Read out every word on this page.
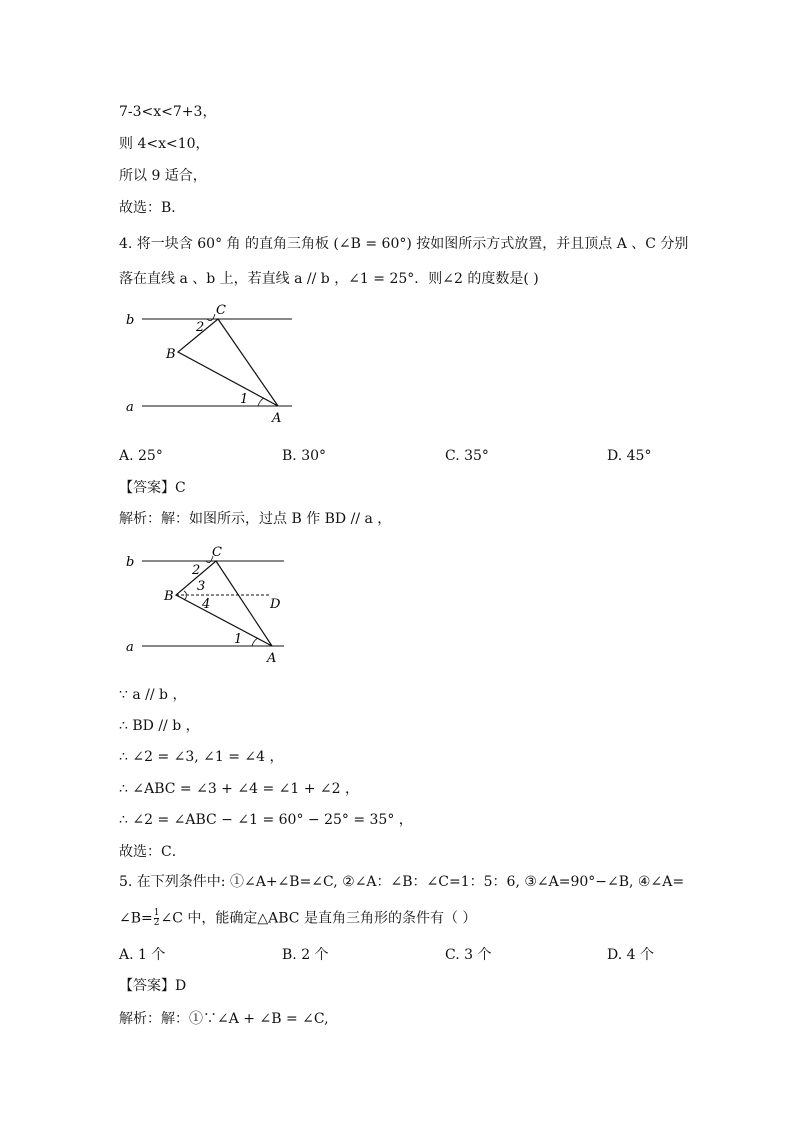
7-3<x<7+3，
则 4<x<10，
所以 9 适合，
故选：B．
4. 将一块含 60° 角 的直角三角板 (∠B = 60°) 按如图所示方式放置，并且顶点 A 、C 分别
落在直线 a 、b 上，若直线 a // b ，∠1 = 25°．则∠2 的度数是( )
b
a
C
B
A
2
1
A. 25°	B. 30°	C. 35°	D. 45°
【答案】C
解析：解：如图所示，过点 B 作 BD // a ，
b
a
C
B
A
D
2
3
4
1
∵ a // b ，
∴ BD // b ，
∴ ∠2 = ∠3, ∠1 = ∠4 ，
∴ ∠ABC = ∠3 + ∠4 = ∠1 + ∠2 ，
∴ ∠2 = ∠ABC − ∠1 = 60° − 25° = 35° ，
故选：C．
5. 在下列条件中: ①∠A+∠B=∠C, ②∠A：∠B：∠C=1：5：6, ③∠A=90°−∠B, ④∠A=
∠B= $\frac{1}{2}$ ∠C 中，能确定△ABC 是直角三角形的条件有（ ）
A. 1 个	B. 2 个	C. 3 个	D. 4 个
【答案】D
解析：解：①∵∠A + ∠B = ∠C,
